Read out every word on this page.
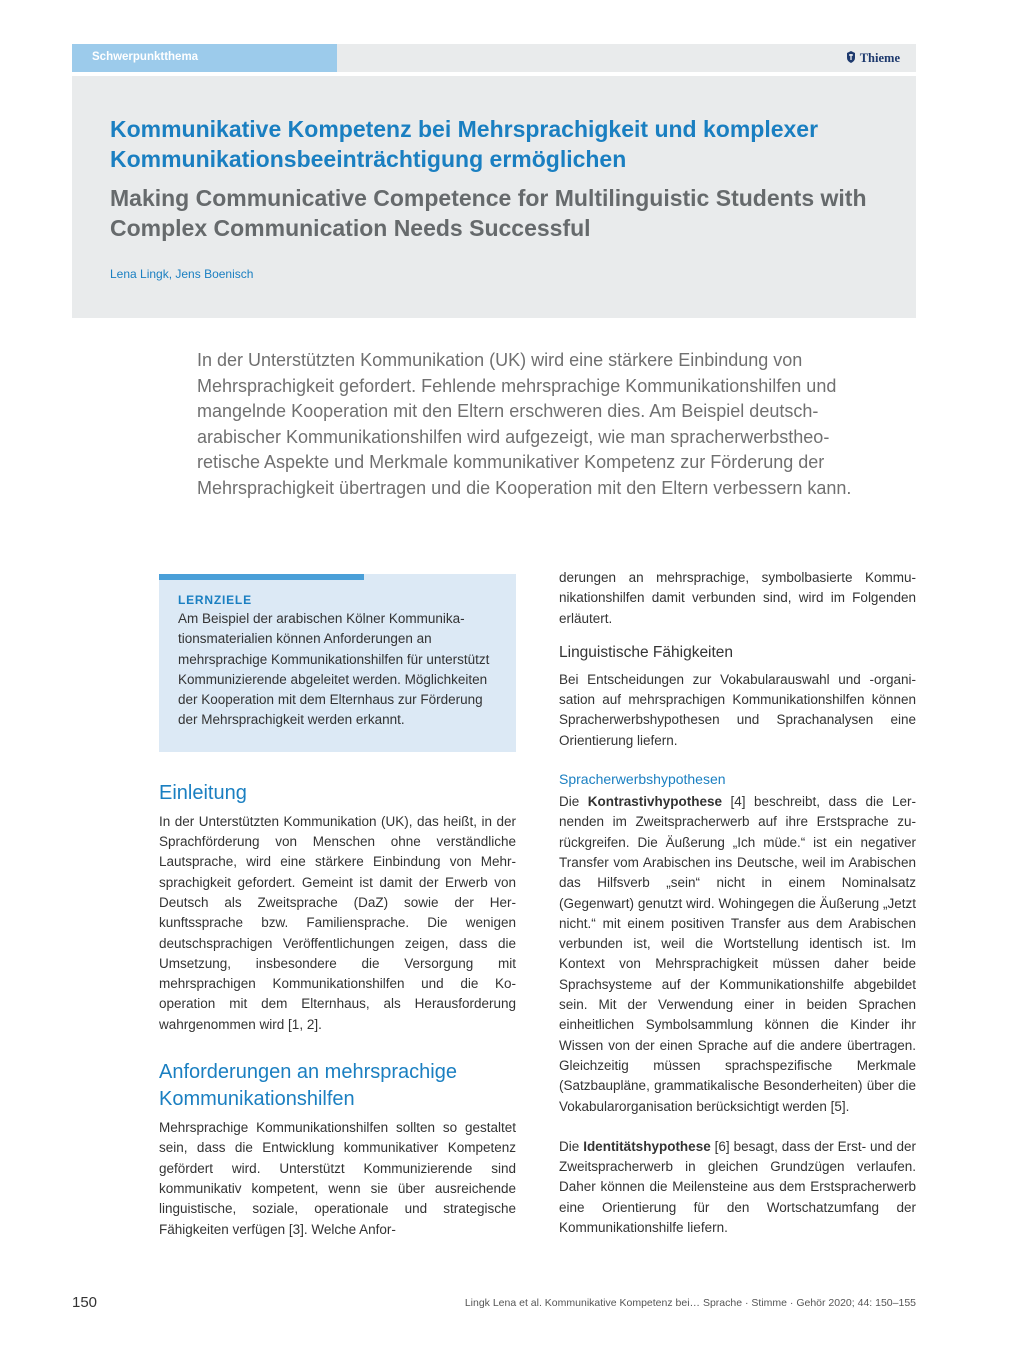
Schwerpunktthema	Thieme
Kommunikative Kompetenz bei Mehrsprachigkeit und komplexer Kommunikationsbeeinträchtigung ermöglichen
Making Communicative Competence for Multilinguistic Students with Complex Communication Needs Successful
Lena Lingk, Jens Boenisch

In der Unterstützten Kommunikation (UK) wird eine stärkere Einbindung von Mehrsprachigkeit gefordert. Fehlende mehrsprachige Kommunikationshilfen und mangelnde Kooperation mit den Eltern erschweren dies. Am Beispiel deutsch-arabischer Kommunikationshilfen wird aufgezeigt, wie man spracherwerbstheoretische Aspekte und Merkmale kommunikativer Kompetenz zur Förderung der Mehrsprachigkeit übertragen und die Kooperation mit den Eltern verbessern kann.

LERNZIELE

Am Beispiel der arabischen Kölner Kommunikationsmaterialien können Anforderungen an mehrsprachige Kommunikationshilfen für unterstützt Kommunizierende abgeleitet werden. Möglichkeiten der Kooperation mit dem Elternhaus zur Förderung der Mehrsprachigkeit werden erkannt.

Einleitung

In der Unterstützten Kommunikation (UK), das heißt, in der Sprachförderung von Menschen ohne verständliche Lautsprache, wird eine stärkere Einbindung von Mehrsprachigkeit gefordert. Gemeint ist damit der Erwerb von Deutsch als Zweitsprache (DaZ) sowie der Herkunftssprache bzw. Familiensprache. Die wenigen deutschsprachigen Veröffentlichungen zeigen, dass die Umsetzung, insbesondere die Versorgung mit mehrsprachigen Kommunikationshilfen und die Kooperation mit dem Elternhaus, als Herausforderung wahrgenommen wird [1, 2].

Anforderungen an mehrsprachige Kommunikationshilfen

Mehrsprachige Kommunikationshilfen sollten so gestaltet sein, dass die Entwicklung kommunikativer Kompetenz gefördert wird. Unterstützt Kommunizierende sind kommunikativ kompetent, wenn sie über ausreichende linguistische, soziale, operationale und strategische Fähigkeiten verfügen [3]. Welche Anfor-

derungen an mehrsprachige, symbolbasierte Kommunikationshilfen damit verbunden sind, wird im Folgenden erläutert.

Linguistische Fähigkeiten

Bei Entscheidungen zur Vokabularauswahl und -organisation auf mehrsprachigen Kommunikationshilfen können Spracherwerbshypothesen und Sprachanalysen eine Orientierung liefern.

Spracherwerbshypothesen

Die Kontrastivhypothese [4] beschreibt, dass die Lernenden im Zweitspracherwerb auf ihre Erstsprache zurückgreifen. Die Äußerung „Ich müde.“ ist ein negativer Transfer vom Arabischen ins Deutsche, weil im Arabischen das Hilfsverb „sein“ nicht in einem Nominalsatz (Gegenwart) genutzt wird. Wohingegen die Äußerung „Jetzt nicht.“ mit einem positiven Transfer aus dem Arabischen verbunden ist, weil die Wortstellung identisch ist. Im Kontext von Mehrsprachigkeit müssen daher beide Sprachsysteme auf der Kommunikationshilfe abgebildet sein. Mit der Verwendung einer in beiden Sprachen einheitlichen Symbolsammlung können die Kinder ihr Wissen von der einen Sprache auf die andere übertragen. Gleichzeitig müssen sprachspezifische Merkmale (Satzbaupläne, grammatikalische Besonderheiten) über die Vokabularorganisation berücksichtigt werden [5].

Die Identitätshypothese [6] besagt, dass der Erst- und der Zweitspracherwerb in gleichen Grundzügen verlaufen. Daher können die Meilensteine aus dem Erstspracherwerb eine Orientierung für den Wortschatzumfang der Kommunikationshilfe liefern.

150	Lingk Lena et al. Kommunikative Kompetenz bei… Sprache · Stimme · Gehör 2020; 44: 150–155
